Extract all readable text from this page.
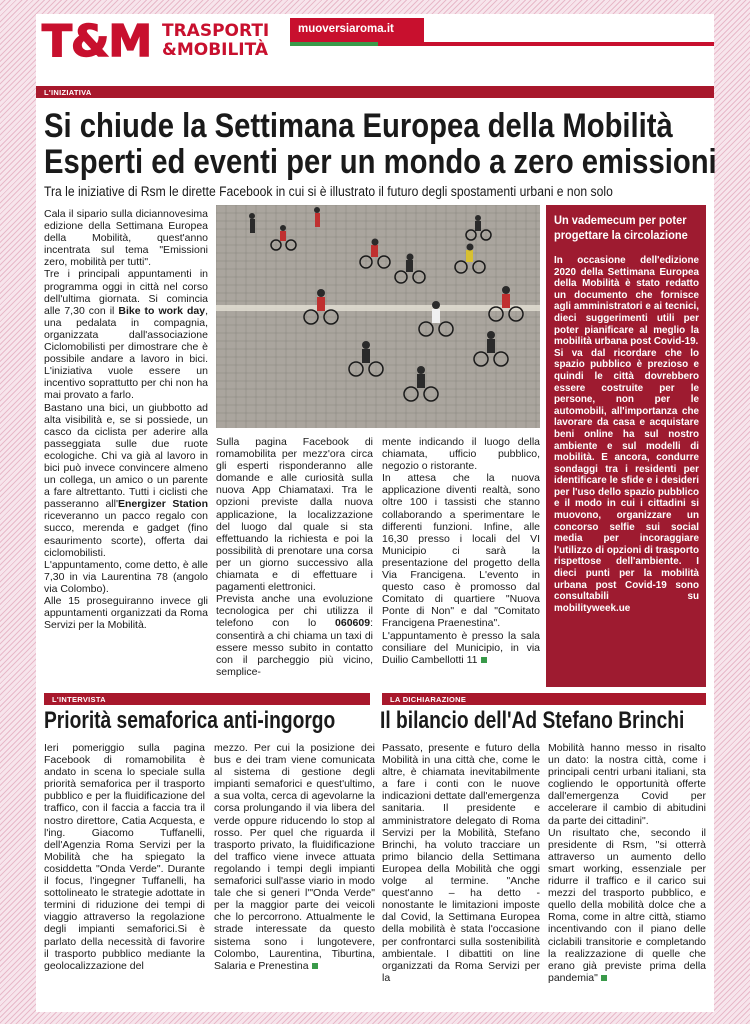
T&M TRASPORTI
&MOBILITÀ
muoversiaroma.it
L'INIZIATIVA
Si chiude la Settimana Europea della Mobilità
Esperti ed eventi per un mondo a zero emissioni
Tra le iniziative di Rsm le dirette Facebook in cui si è illustrato il futuro degli spostamenti urbani e non solo

Cala il sipario sulla diciannovesima edizione della Settimana Europea della Mobilità, quest'anno incentrata sul tema "Emissioni zero, mobilità per tutti".

Tre i principali appuntamenti in programma oggi in città nel corso dell'ultima giornata. Si comincia alle 7,30 con il Bike to work day, una pedalata in compagnia, organizzata dall'associazione Ciclomobilisti per dimostrare che è possibile andare a lavoro in bici. L'iniziativa vuole essere un incentivo soprattutto per chi non ha mai provato a farlo.

Bastano una bici, un giubbotto ad alta visibilità e, se si possiede, un casco da ciclista per aderire alla passeggiata sulle due ruote ecologiche. Chi va già al lavoro in bici può invece convincere almeno un collega, un amico o un parente a fare altrettanto. Tutti i ciclisti che passeranno all'Energizer Station riceveranno un pacco regalo con succo, merenda e gadget (fino esaurimento scorte), offerta dai ciclomobilisti.

L'appuntamento, come detto, è alle 7,30 in via Laurentina 78 (angolo via Colombo).

Alle 15 proseguiranno invece gli appuntamenti organizzati da Roma Servizi per la Mobilità.

Sulla pagina Facebook di romamobilita per mezz'ora circa gli esperti risponderanno alle domande e alle curiosità sulla nuova App Chiamataxi. Tra le opzioni previste dalla nuova applicazione, la localizzazione del luogo dal quale si sta effettuando la richiesta e poi la possibilità di prenotare una corsa per un giorno successivo alla chiamata e di effettuare i pagamenti elettronici.

Prevista anche una evoluzione tecnologica per chi utilizza il telefono con lo 060609: consentirà a chi chiama un taxi di essere messo subito in contatto con il parcheggio più vicino, semplice-

mente indicando il luogo della chiamata, ufficio pubblico, negozio o ristorante.

In attesa che la nuova applicazione diventi realtà, sono oltre 100 i tassisti che stanno collaborando a sperimentare le differenti funzioni. Infine, alle 16,30 presso i locali del VI Municipio ci sarà la presentazione del progetto della Via Francigena. L'evento in questo caso è promosso dal Comitato di quartiere "Nuova Ponte di Non" e dal "Comitato Francigena Praenestina".

L'appuntamento è presso la sala consiliare del Municipio, in via Duilio Cambellotti 11

Un vademecum per poter progettare la circolazione

In occasione dell'edizione 2020 della Settimana Europea della Mobilità è stato redatto un documento che fornisce agli amministratori e ai tecnici, dieci suggerimenti utili per poter pianificare al meglio la mobilità urbana post Covid-19.

Si va dal ricordare che lo spazio pubblico è prezioso e quindi le città dovrebbero essere costruite per le persone, non per le automobili, all'importanza che lavorare da casa e acquistare beni online ha sul nostro ambiente e sul modelli di mobilità. E ancora, condurre sondaggi tra i residenti per identificare le sfide e i desideri per l'uso dello spazio pubblico e il modo in cui i cittadini si muovono, organizzare un concorso selfie sui social media per incoraggiare l'utilizzo di opzioni di trasporto rispettose dell'ambiente. I dieci punti per la mobilità urbana post Covid-19 sono consultabili su mobilityweek.ue

L'INTERVISTA
Priorità semaforica anti-ingorgo
Ieri pomeriggio sulla pagina Facebook di romamobilita è andato in scena lo speciale sulla priorità semaforica per il trasporto pubblico e per la fluidificazione del traffico, con il faccia a faccia tra il nostro direttore, Catia Acquesta, e l'ing. Giacomo Tuffanelli, dell'Agenzia Roma Servizi per la Mobilità che ha spiegato la cosiddetta "Onda Verde". Durante il focus, l'ingegner Tuffanelli, ha sottolineato le strategie adottate in termini di riduzione dei tempi di viaggio attraverso la regolazione degli impianti semaforici.Si è parlato della necessità di favorire il trasporto pubblico mediante la geolocalizzazione del

mezzo. Per cui la posizione dei bus e dei tram viene comunicata al sistema di gestione degli impianti semaforici e quest'ultimo, a sua volta, cerca di agevolarne la corsa prolungando il via libera del verde oppure riducendo lo stop al rosso. Per quel che riguarda il trasporto privato, la fluidificazione del traffico viene invece attuata regolando i tempi degli impianti semaforici sull'asse viario in modo tale che si generi l'"Onda Verde" per la maggior parte dei veicoli che lo percorrono. Attualmente le strade interessate da questo sistema sono i lungotevere, Colombo, Laurentina, Tiburtina, Salaria e Prenestina

LA DICHIARAZIONE
Il bilancio dell'Ad Stefano Brinchi
Passato, presente e futuro della Mobilità in una città che, come le altre, è chiamata inevitabilmente a fare i conti con le nuove indicazioni dettate dall'emergenza sanitaria. Il presidente e amministratore delegato di Roma Servizi per la Mobilità, Stefano Brinchi, ha voluto tracciare un primo bilancio della Settimana Europea della Mobilità che oggi volge al termine. "Anche quest'anno – ha detto - nonostante le limitazioni imposte dal Covid, la Settimana Europea della mobilità è stata l'occasione per confrontarci sulla sostenibilità ambientale. I dibattiti on line organizzati da Roma Servizi per la

Mobilità hanno messo in risalto un dato: la nostra città, come i principali centri urbani italiani, sta cogliendo le opportunità offerte dall'emergenza Covid per accelerare il cambio di abitudini da parte dei cittadini".

Un risultato che, secondo il presidente di Rsm, "si otterrà attraverso un aumento dello smart working, essenziale per ridurre il traffico e il carico sui mezzi del trasporto pubblico, e quello della mobilità dolce che a Roma, come in altre città, stiamo incentivando con il piano delle ciclabili transitorie e completando la realizzazione di quelle che erano già previste prima della pandemia"
